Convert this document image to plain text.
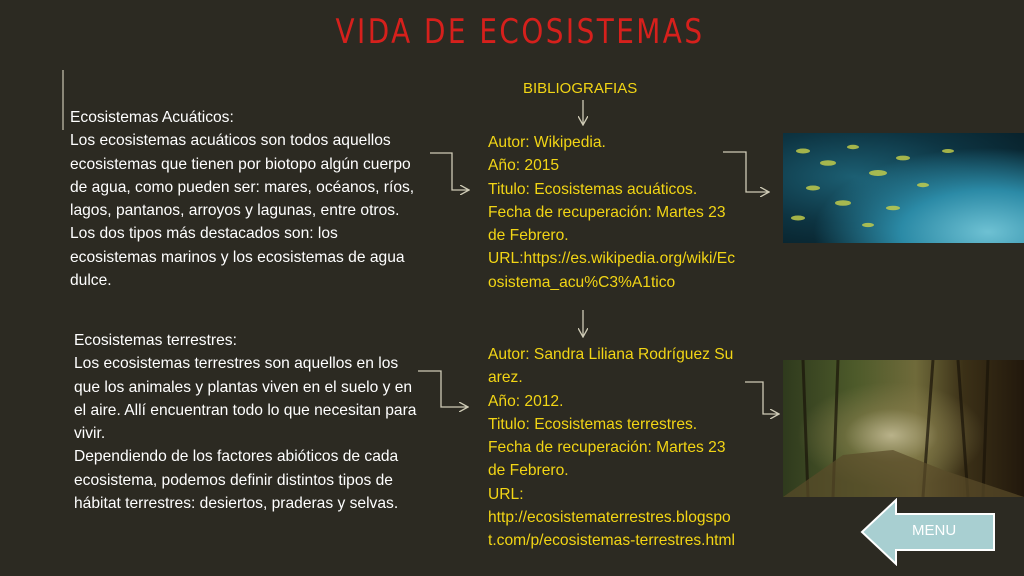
VIDA DE ECOSISTEMAS

Ecosistemas Acuáticos:
Los ecosistemas acuáticos son todos aquellos ecosistemas que tienen por biotopo algún cuerpo de agua, como pueden ser: mares, océanos, ríos, lagos, pantanos, arroyos y lagunas, entre otros. Los dos tipos más destacados son: los ecosistemas marinos y los ecosistemas de agua dulce.

Ecosistemas terrestres:
Los ecosistemas terrestres son aquellos en los que los animales y plantas viven en el suelo y en el aire. Allí encuentran todo lo que necesitan para vivir.
Dependiendo de los factores abióticos de cada ecosistema, podemos definir distintos tipos de hábitat terrestres: desiertos, praderas y selvas.

BIBLIOGRAFIAS

Autor: Wikipedia.
Año: 2015
Titulo: Ecosistemas acuáticos.
Fecha de recuperación: Martes 23 de Febrero.
URL:https://es.wikipedia.org/wiki/Ecosistema_acu%C3%A1tico

Autor: Sandra Liliana Rodríguez Suarez.
Año: 2012.
Titulo: Ecosistemas terrestres.
Fecha de recuperación: Martes 23 de Febrero.
URL:
http://ecosistematerrestres.blogspot.com/p/ecosistemas-terrestres.html

MENU
